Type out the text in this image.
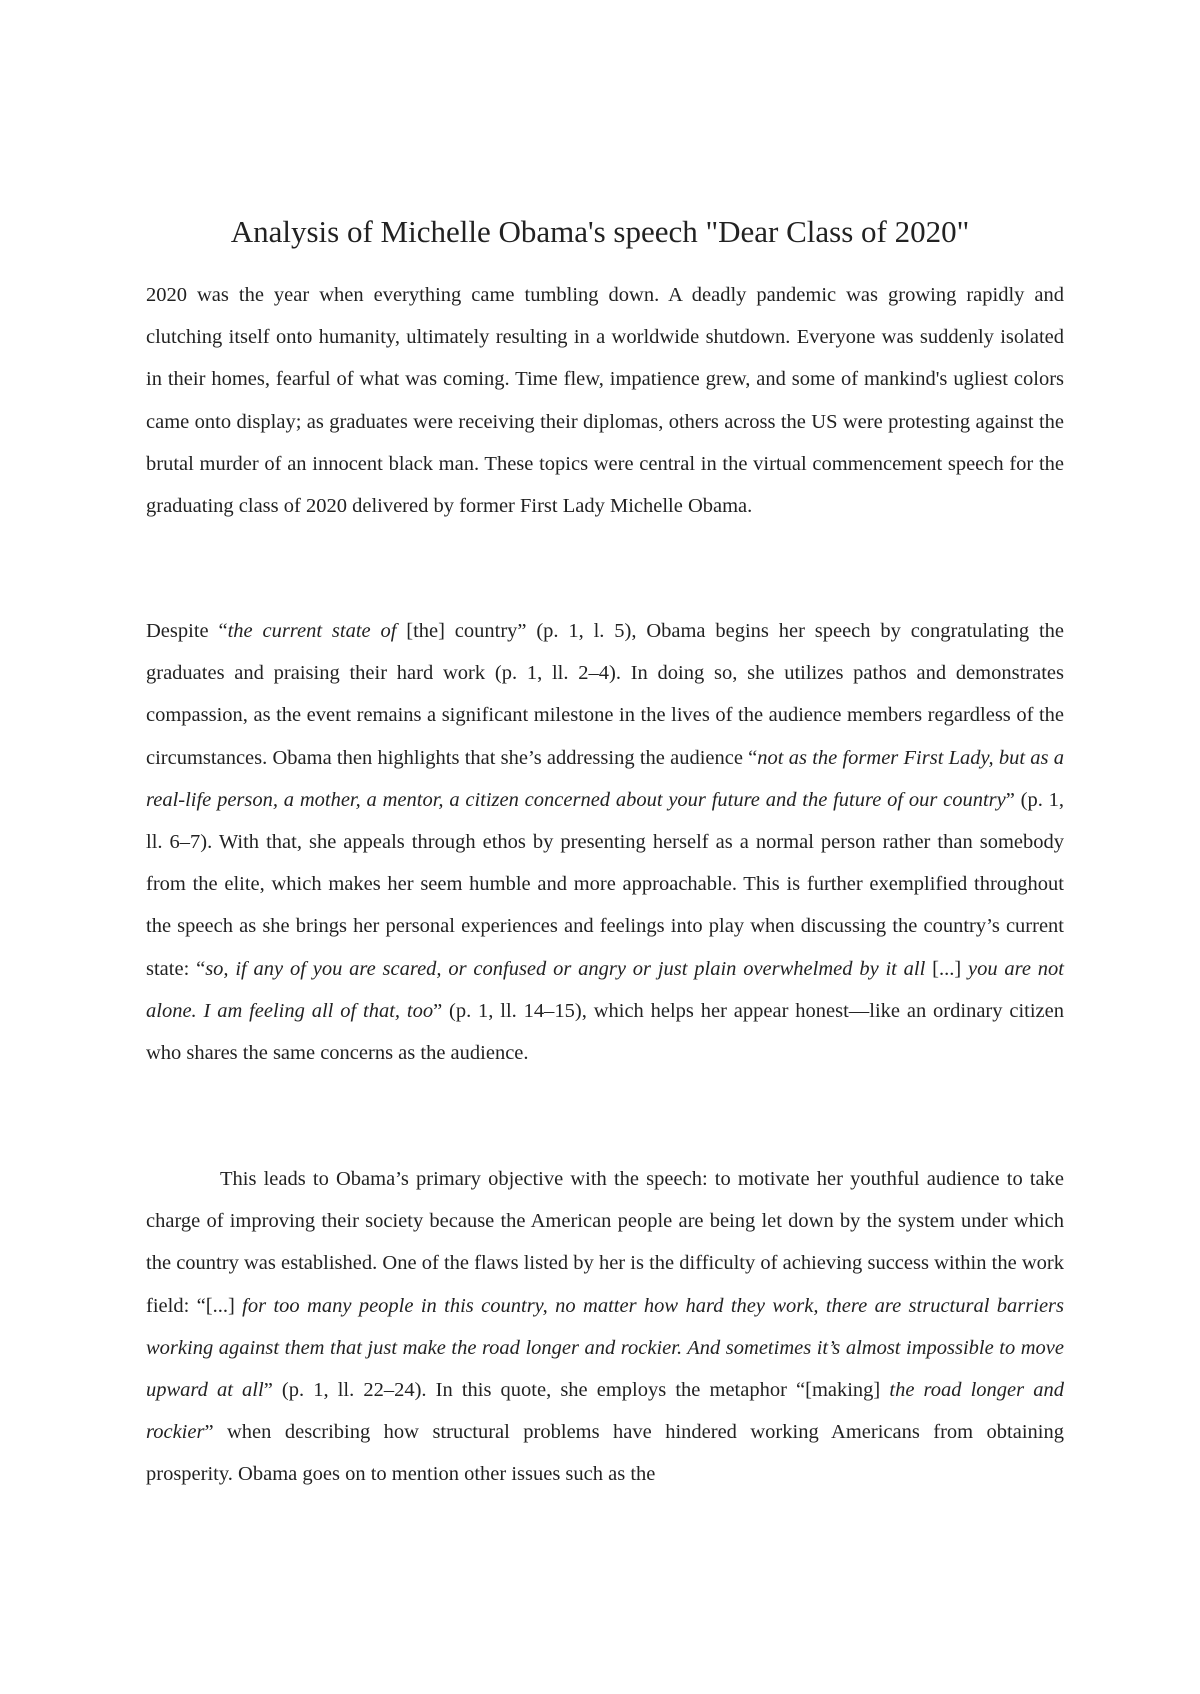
Analysis of Michelle Obama's speech "Dear Class of 2020"

2020 was the year when everything came tumbling down. A deadly pandemic was growing rapidly and clutching itself onto humanity, ultimately resulting in a worldwide shutdown. Everyone was suddenly isolated in their homes, fearful of what was coming. Time flew, impatience grew, and some of mankind's ugliest colors came onto display; as graduates were receiving their diplomas, others across the US were protesting against the brutal murder of an innocent black man. These topics were central in the virtual commencement speech for the graduating class of 2020 delivered by former First Lady Michelle Obama.

Despite “the current state of [the] country” (p. 1, l. 5), Obama begins her speech by congratulating the graduates and praising their hard work (p. 1, ll. 2–4). In doing so, she utilizes pathos and demonstrates compassion, as the event remains a significant milestone in the lives of the audience members regardless of the circumstances. Obama then highlights that she’s addressing the audience “not as the former First Lady, but as a real-life person, a mother, a mentor, a citizen concerned about your future and the future of our country” (p. 1, ll. 6–7). With that, she appeals through ethos by presenting herself as a normal person rather than somebody from the elite, which makes her seem humble and more approachable. This is further exemplified throughout the speech as she brings her personal experiences and feelings into play when discussing the country’s current state: “so, if any of you are scared, or confused or angry or just plain overwhelmed by it all [...] you are not alone. I am feeling all of that, too” (p. 1, ll. 14–15), which helps her appear honest—like an ordinary citizen who shares the same concerns as the audience.

This leads to Obama’s primary objective with the speech: to motivate her youthful audience to take charge of improving their society because the American people are being let down by the system under which the country was established. One of the flaws listed by her is the difficulty of achieving success within the work field: “[...] for too many people in this country, no matter how hard they work, there are structural barriers working against them that just make the road longer and rockier. And sometimes it’s almost impossible to move upward at all” (p. 1, ll. 22–24). In this quote, she employs the metaphor “[making] the road longer and rockier” when describing how structural problems have hindered working Americans from obtaining prosperity. Obama goes on to mention other issues such as the
